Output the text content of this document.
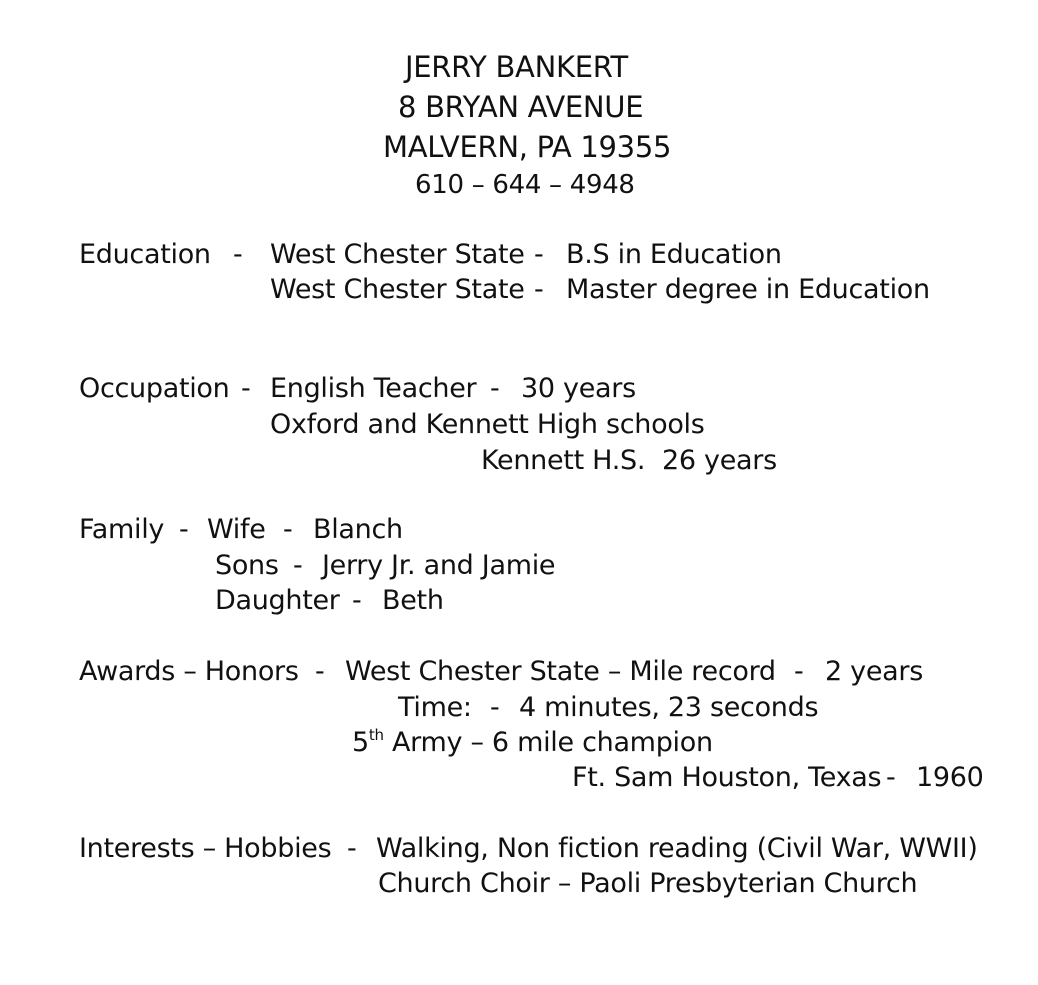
JERRY BANKERT
8 BRYAN AVENUE
MALVERN, PA 19355
610 – 644 – 4948
Education - West Chester State - B.S in Education
West Chester State - Master degree in Education
Occupation - English Teacher - 30 years
Oxford and Kennett High schools
Kennett H.S. 26 years
Family - Wife - Blanch
Sons - Jerry Jr. and Jamie
Daughter - Beth
Awards – Honors - West Chester State – Mile record - 2 years
Time: - 4 minutes, 23 seconds
5th Army – 6 mile champion
Ft. Sam Houston, Texas - 1960
Interests – Hobbies - Walking, Non fiction reading (Civil War, WWII)
Church Choir – Paoli Presbyterian Church
